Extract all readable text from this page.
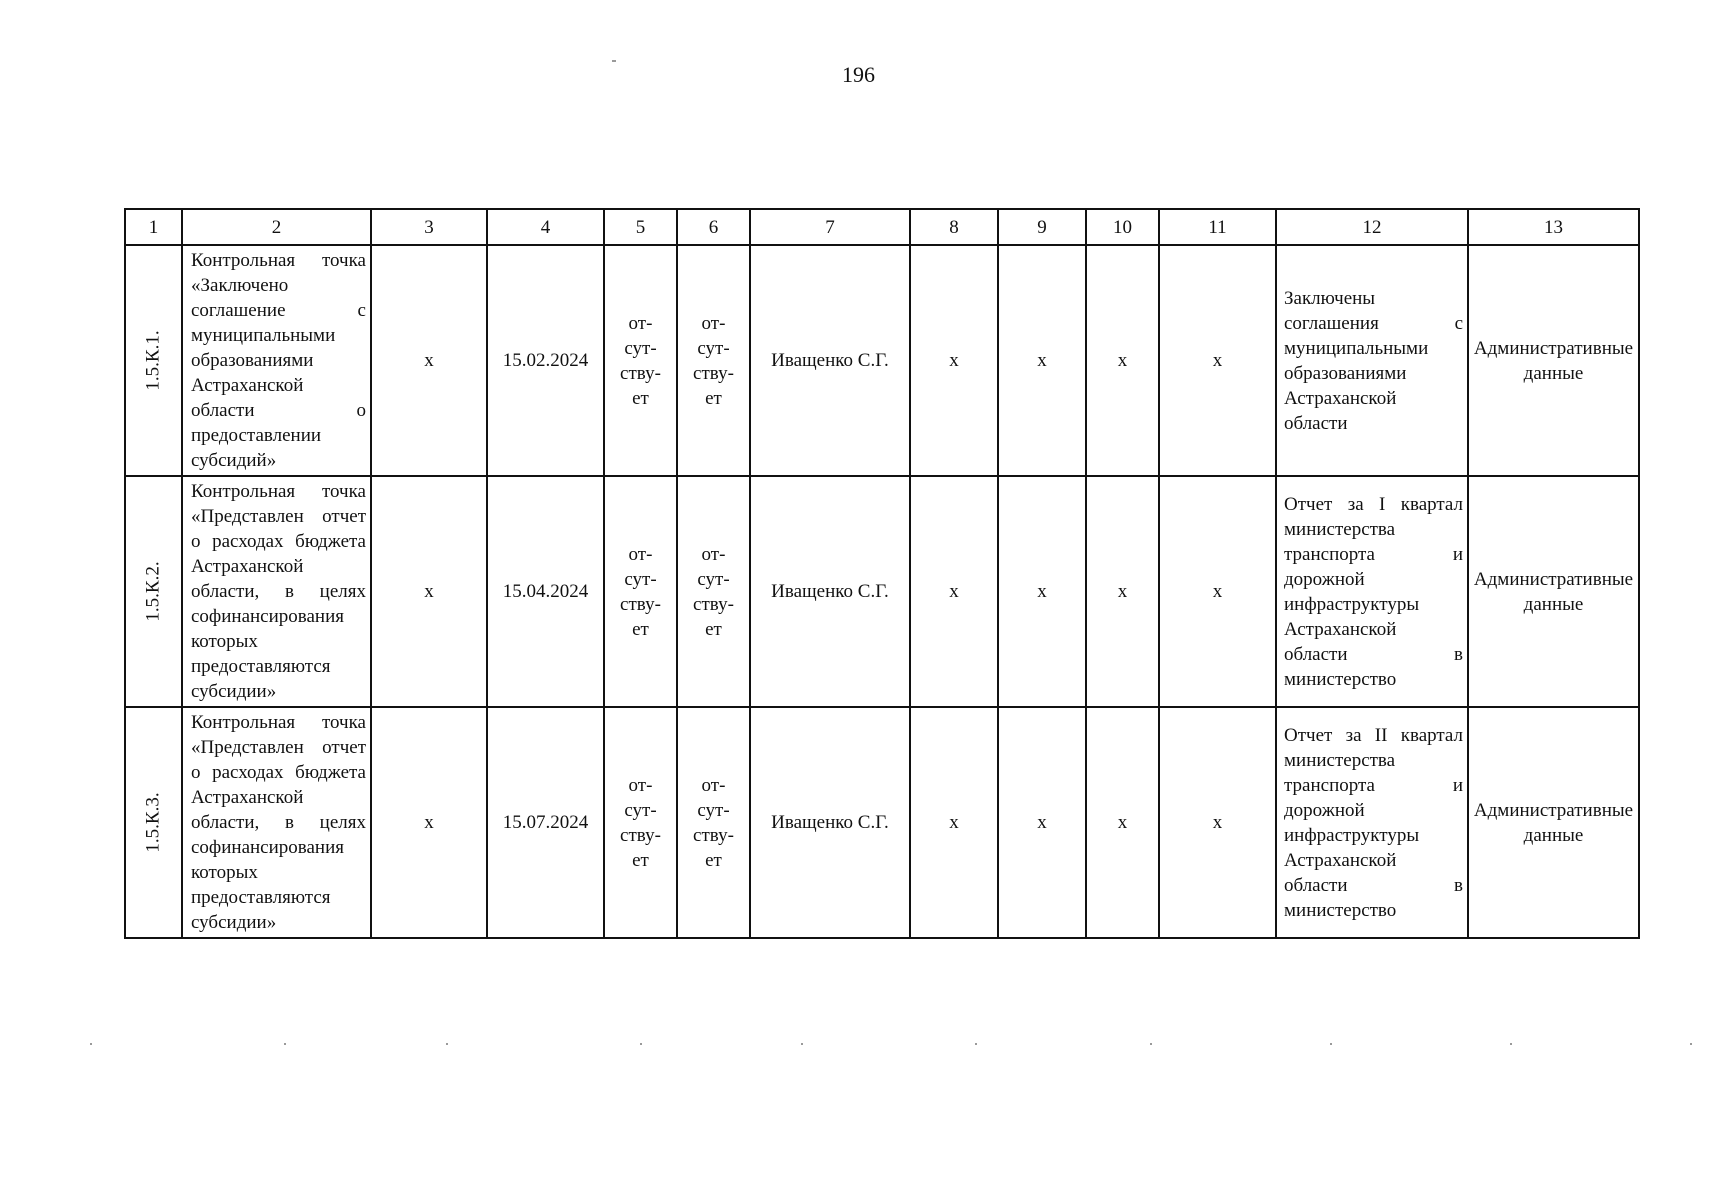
196
1	2	3	4	5	6	7	8	9	10	11	12	13

1.5.К.1.	Контрольная точка «Заключено соглашение с муниципальными образованиями Астраханской области о предоставлении субсидий»	х	15.02.2024	от-
сут-
ству-
ет	от-
сут-
ству-
ет	Иващенко С.Г.	х	х	х	х	Заключены соглашения с муниципальными образованиями Астраханской области	Административные данные

1.5.К.2.	Контрольная точка «Представлен отчет о расходах бюджета Астраханской области, в целях софинансирования которых предоставляются субсидии»	х	15.04.2024	от-
сут-
ству-
ет	от-
сут-
ству-
ет	Иващенко С.Г.	х	х	х	х	Отчет за I квартал министерства транспорта и дорожной инфраструктуры Астраханской области в министерство	Административные данные

1.5.К.3.	Контрольная точка «Представлен отчет о расходах бюджета Астраханской области, в целях софинансирования которых предоставляются субсидии»	х	15.07.2024	от-
сут-
ству-
ет	от-
сут-
ству-
ет	Иващенко С.Г.	х	х	х	х	Отчет за II квартал министерства транспорта и дорожной инфраструктуры Астраханской области в министерство	Административные данные
